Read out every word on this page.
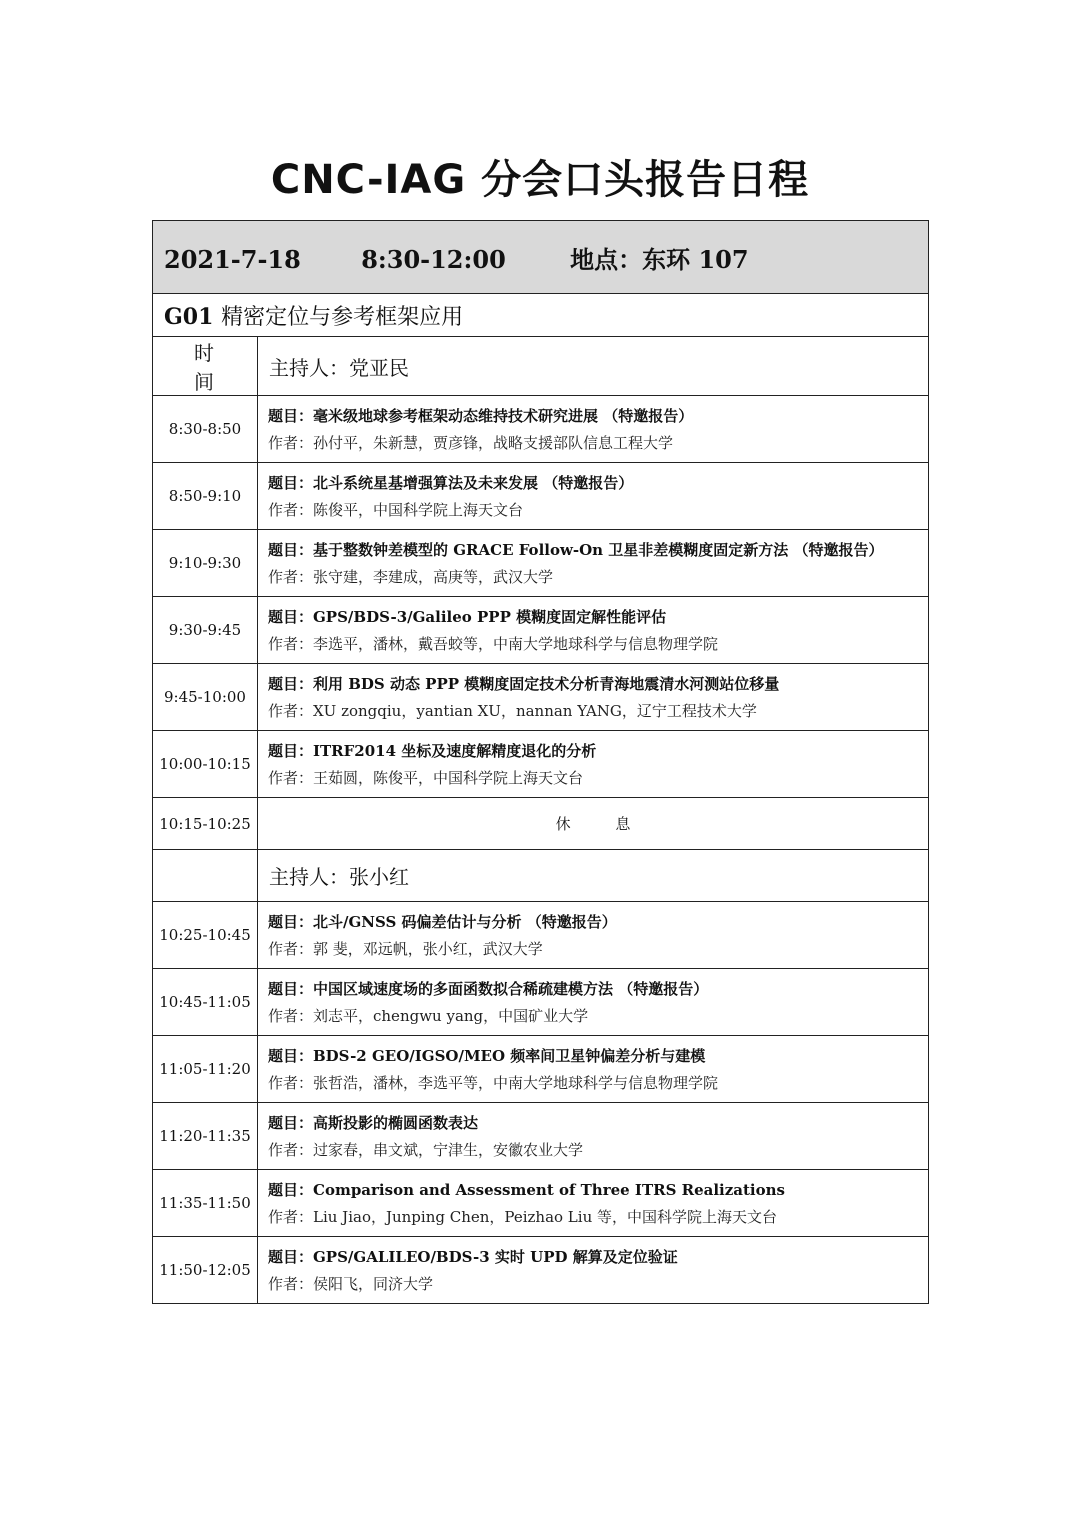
CNC-IAG 分会口头报告日程
2021-7-18 8:30-12:00 地点：东环 107	

G01 精密定位与参考框架应用	

时 间	主持人：党亚民

8:30-8:50	题目：毫米级地球参考框架动态维持技术研究进展 （特邀报告）
作者：孙付平，朱新慧，贾彦锋，战略支援部队信息工程大学

8:50-9:10	题目：北斗系统星基增强算法及未来发展 （特邀报告）
作者：陈俊平，中国科学院上海天文台

9:10-9:30	题目：基于整数钟差模型的 GRACE Follow-On 卫星非差模糊度固定新方法 （特邀报告）
作者：张守建，李建成，高庚等，武汉大学

9:30-9:45	题目：GPS/BDS-3/Galileo PPP 模糊度固定解性能评估
作者：李选平，潘林，戴吾蛟等，中南大学地球科学与信息物理学院

9:45-10:00	题目：利用 BDS 动态 PPP 模糊度固定技术分析青海地震清水河测站位移量
作者：XU zongqiu，yantian XU，nannan YANG，辽宁工程技术大学

10:00-10:15	题目：ITRF2014 坐标及速度解精度退化的分析
作者：王茹圆，陈俊平，中国科学院上海天文台

10:15-10:25	休 息

	主持人：张小红

10:25-10:45	题目：北斗/GNSS 码偏差估计与分析 （特邀报告）
作者：郭 斐，邓远帆，张小红，武汉大学

10:45-11:05	题目：中国区域速度场的多面函数拟合稀疏建模方法 （特邀报告）
作者：刘志平，chengwu yang，中国矿业大学

11:05-11:20	题目：BDS-2 GEO/IGSO/MEO 频率间卫星钟偏差分析与建模
作者：张哲浩，潘林，李选平等，中南大学地球科学与信息物理学院

11:20-11:35	题目：高斯投影的椭圆函数表达
作者：过家春，串文斌，宁津生，安徽农业大学

11:35-11:50	题目：Comparison and Assessment of Three ITRS Realizations
作者：Liu Jiao，Junping Chen，Peizhao Liu 等，中国科学院上海天文台

11:50-12:05	题目：GPS/GALILEO/BDS-3 实时 UPD 解算及定位验证
作者：侯阳飞，同济大学
